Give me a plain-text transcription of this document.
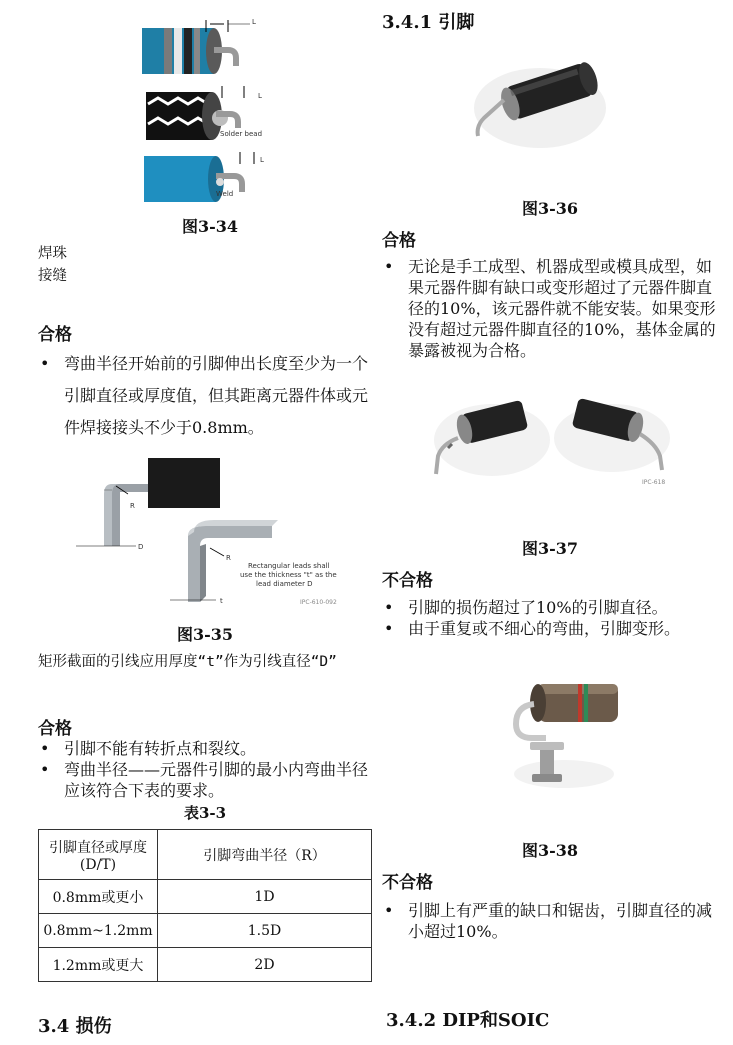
L
L
Solder bead
L
Weld
图3-34
焊珠
接缝
合格
• 弯曲半径开始前的引脚伸出长度至少为一个引脚直径或厚度值，但其距离元器件体或元件焊接接头不少于0.8mm。
R
D
R
Rectangular leads shall
use the thickness "t" as the
lead diameter D
t	IPC-610-092
图3-35
矩形截面的引线应用厚度“t”作为引线直径“D”
合格
• 引脚不能有转折点和裂纹。
• 弯曲半径——元器件引脚的最小内弯曲半径应该符合下表的要求。
表3-3
引脚直径或厚度(D/T)	引脚弯曲半径（R）
0.8mm或更小	1D
0.8mm~1.2mm	1.5D
1.2mm或更大	2D
3.4 损伤
3.4.1 引脚
图3-36
合格
• 无论是手工成型、机器成型或模具成型，如果元器件脚有缺口或变形超过了元器件脚直径的10%，该元器件就不能安装。如果变形没有超过元器件脚直径的10%，基体金属的暴露被视为合格。
IPC-618
图3-37
不合格
• 引脚的损伤超过了10%的引脚直径。
• 由于重复或不细心的弯曲，引脚变形。
图3-38
不合格
• 引脚上有严重的缺口和锯齿，引脚直径的减小超过10%。
3.4.2 DIP和SOIC
